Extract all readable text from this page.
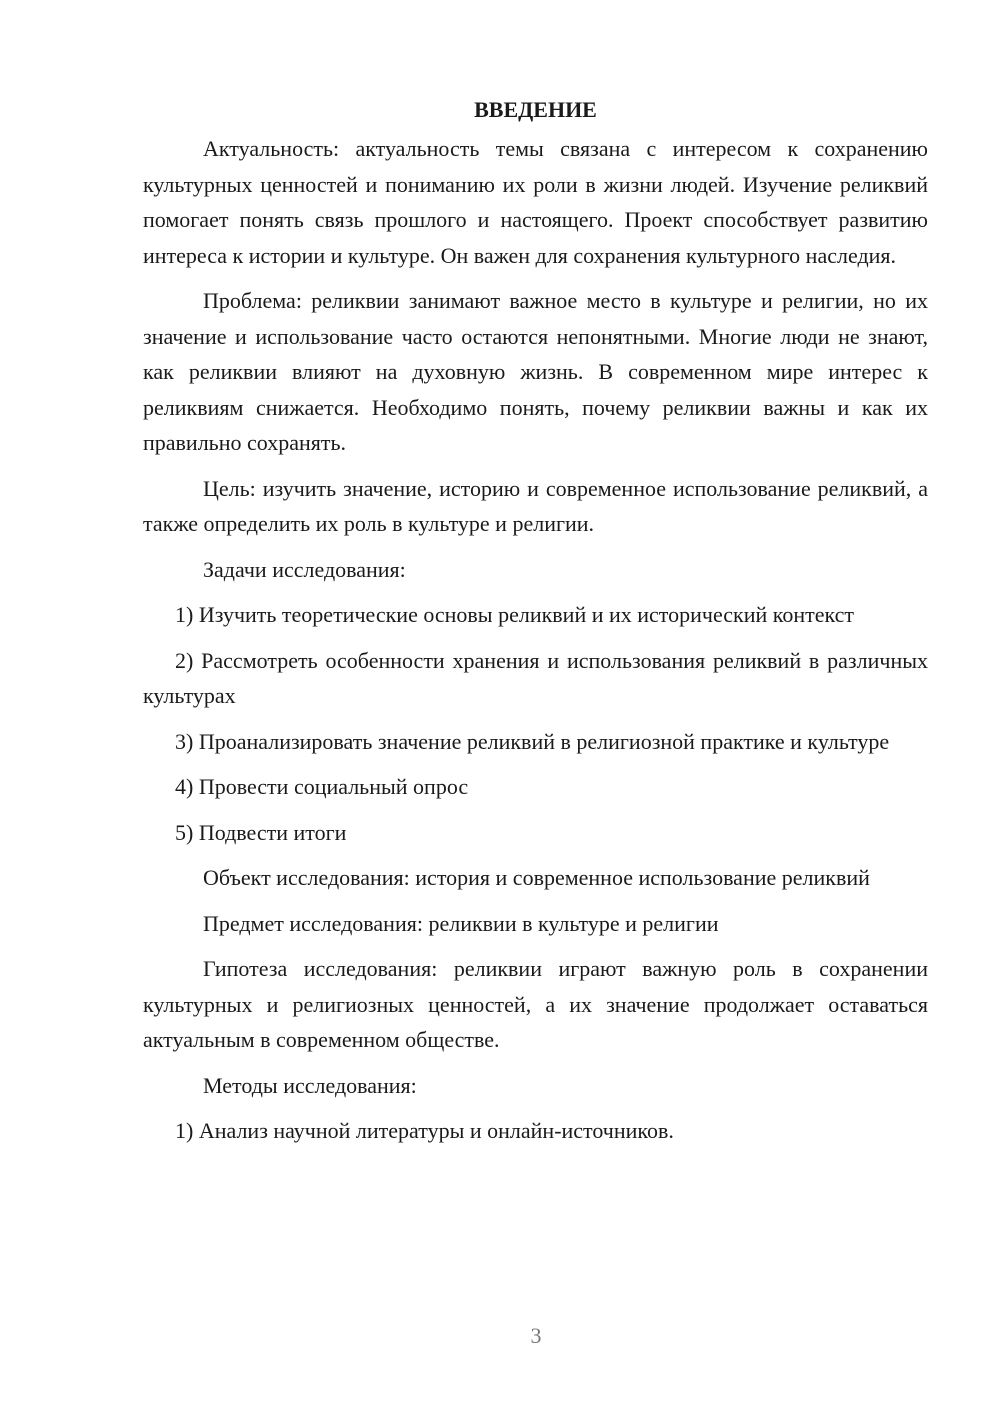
ВВЕДЕНИЕ

Актуальность: актуальность темы связана с интересом к сохранению культурных ценностей и пониманию их роли в жизни людей. Изучение реликвий помогает понять связь прошлого и настоящего. Проект способствует развитию интереса к истории и культуре. Он важен для сохранения культурного наследия.

Проблема: реликвии занимают важное место в культуре и религии, но их значение и использование часто остаются непонятными. Многие люди не знают, как реликвии влияют на духовную жизнь. В современном мире интерес к реликвиям снижается. Необходимо понять, почему реликвии важны и как их правильно сохранять.

Цель: изучить значение, историю и современное использование реликвий, а также определить их роль в культуре и религии.

Задачи исследования:

1) Изучить теоретические основы реликвий и их исторический контекст

2) Рассмотреть особенности хранения и использования реликвий в различных культурах

3) Проанализировать значение реликвий в религиозной практике и культуре

4) Провести социальный опрос

5) Подвести итоги

Объект исследования: история и современное использование реликвий

Предмет исследования: реликвии в культуре и религии

Гипотеза исследования: реликвии играют важную роль в сохранении культурных и религиозных ценностей, а их значение продолжает оставаться актуальным в современном обществе.

Методы исследования:

1) Анализ научной литературы и онлайн-источников.

3
